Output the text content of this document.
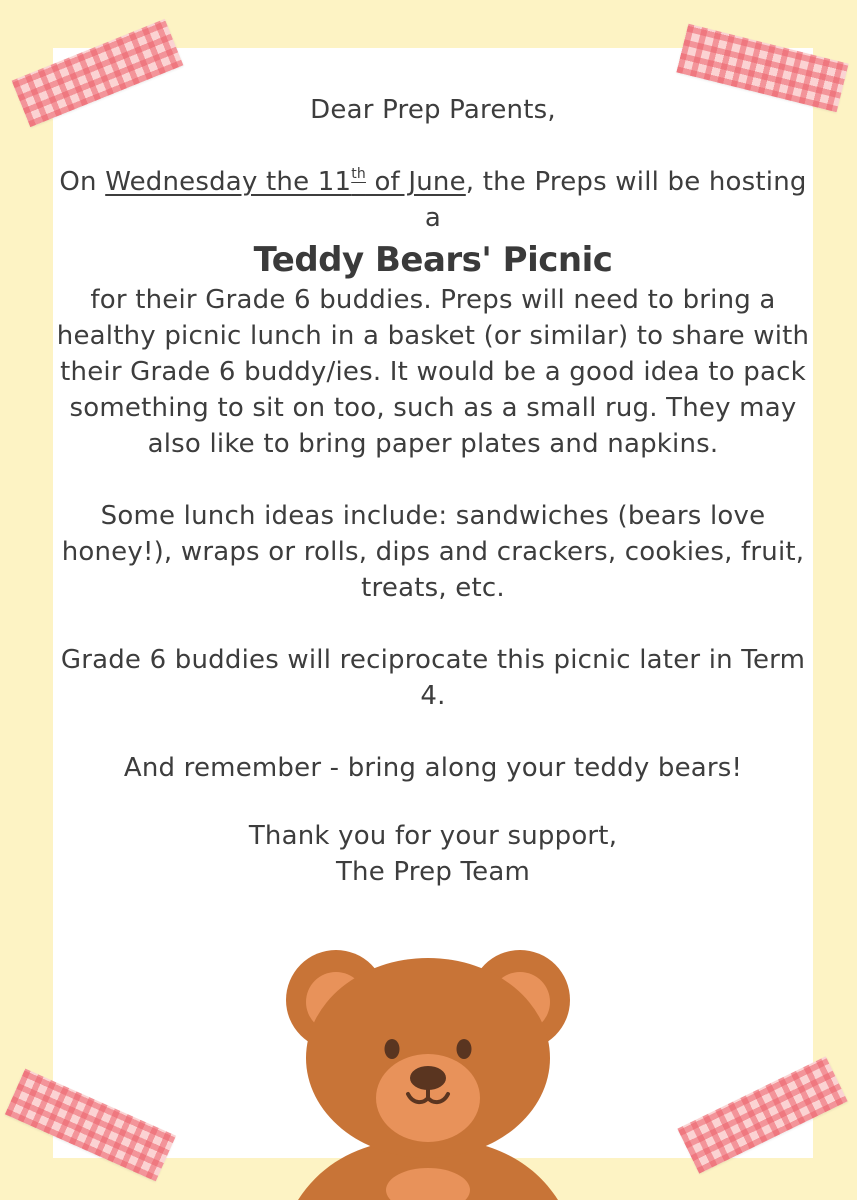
Dear Prep Parents,

On Wednesday the 11th of June, the Preps will be hosting a

Teddy Bears' Picnic

for their Grade 6 buddies. Preps will need to bring a healthy picnic lunch in a basket (or similar) to share with their Grade 6 buddy/ies. It would be a good idea to pack something to sit on too, such as a small rug. They may also like to bring paper plates and napkins.

Some lunch ideas include: sandwiches (bears love honey!), wraps or rolls, dips and crackers, cookies, fruit, treats, etc.

Grade 6 buddies will reciprocate this picnic later in Term 4.

And remember - bring along your teddy bears!

Thank you for your support,

The Prep Team
